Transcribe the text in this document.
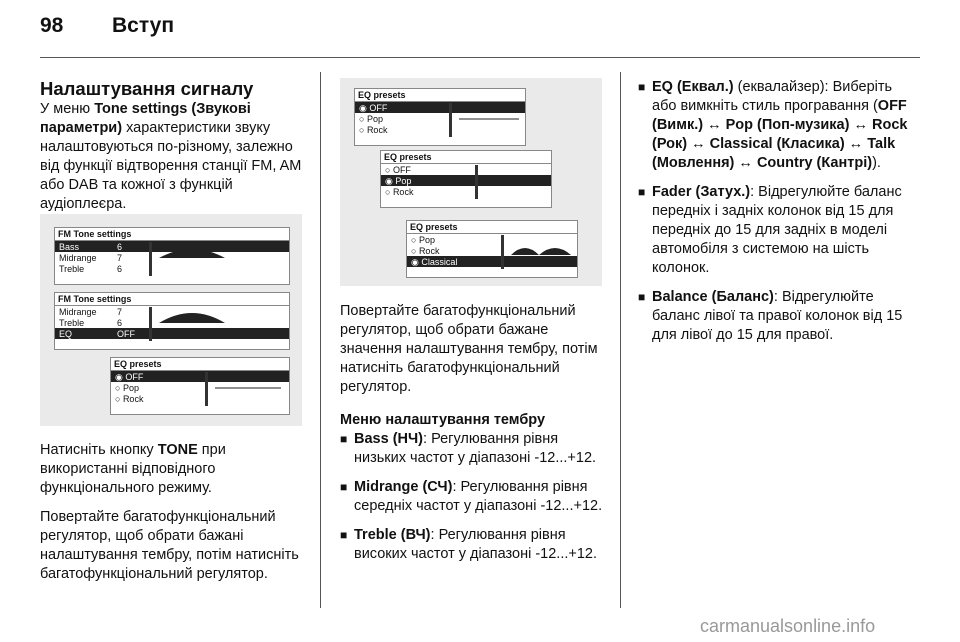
98 Вступ
Налаштування сигналу

У меню Tone settings (Звукові параметри) характеристики звуку налаштовуються по-різному, залежно від функції відтворення станції FM, AM або DAB та кожної з функцій аудіоплеєра.

FM Tone settings
Bass	6
Midrange 7
Treble	6
FM Tone settings
Midrange 7
Treble	6
EQ	OFF
EQ presets
◉ OFF
○ Pop
○ Rock

Натисніть кнопку TONE при використанні відповідного функціонального режиму.

Повертайте багатофункціональний регулятор, щоб обрати бажані налаштування тембру, потім натисніть багатофункціональний регулятор.

EQ presets
◉ OFF
○ Pop
○ Rock
EQ presets
○ OFF
◉ Pop
○ Rock
EQ presets
○ Pop
○ Rock
◉ Classical

Повертайте багатофункціональний регулятор, щоб обрати бажане значення налаштування тембру, потім натисніть багатофункціональний регулятор.

Меню налаштування тембру
■ Bass (НЧ): Регулювання рівня низьких частот у діапазоні -12...+12.
■ Midrange (СЧ): Регулювання рівня середніх частот у діапазоні -12...+12.
■ Treble (ВЧ): Регулювання рівня високих частот у діапазоні -12...+12.
■ EQ (Еквал.) (еквалайзер): Виберіть або вимкніть стиль програвання (OFF (Вимк.) ↔ Pop (Поп-музика) ↔ Rock (Рок) ↔ Classical (Класика) ↔ Talk (Мовлення) ↔ Country (Кантрі)).
■ Fader (Затух.): Відрегулюйте баланс передніх і задніх колонок від 15 для передніх до 15 для задніх в моделі автомобіля з системою на шість колонок.
■ Balance (Баланс): Відрегулюйте баланс лівої та правої колонок від 15 для лівої до 15 для правої.
carmanualsonline.info
